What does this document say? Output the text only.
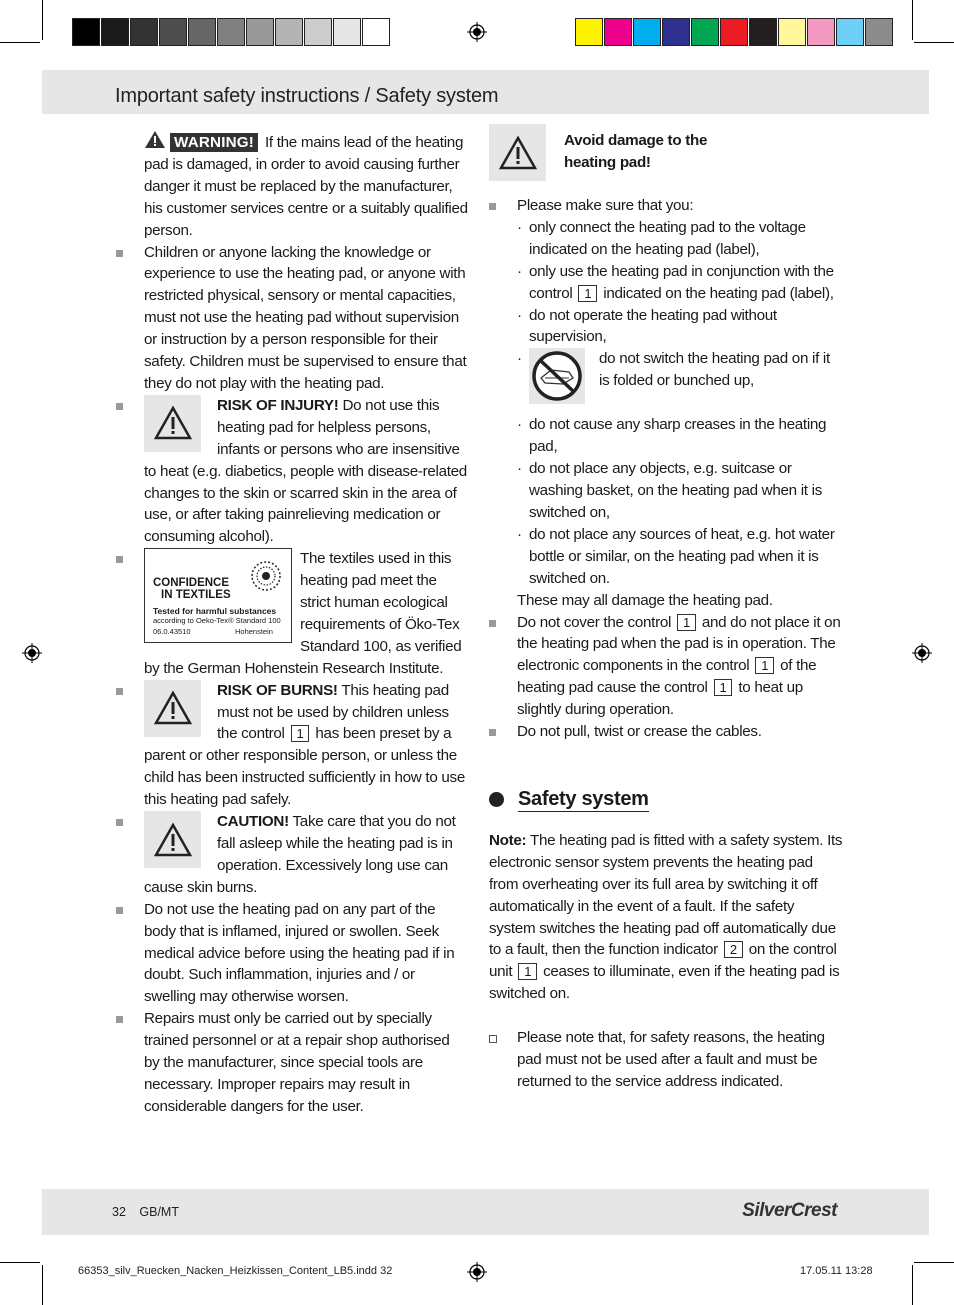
Important safety instructions / Safety system

WARNING! If the mains lead of the heating pad is damaged, in order to avoid causing further danger it must be replaced by the manufacturer, his customer services centre or a suitably qualified person.

Children or anyone lacking the knowledge or experience to use the heating pad, or anyone with restricted physical, sensory or mental capacities, must not use the heating pad without supervision or instruction by a person responsible for their safety. Children must be supervised to ensure that they do not play with the heating pad.

RISK OF INJURY! Do not use this heating pad for helpless persons, infants or persons who are insensitive to heat (e.g. diabetics, people with disease-related changes to the skin or scarred skin in the area of use, or after taking painrelieving medication or consuming alcohol).
CONFIDENCE
IN TEXTILES
Tested for harmful substances
according to Oeko-Tex® Standard 100
06.0.43510	Hohenstein
The textiles used in this heating pad meet the strict human ecological requirements of Öko-Tex Standard 100, as verified by the German Hohenstein Research Institute.
RISK OF BURNS! This heating pad must not be used by children unless the control 1 has been preset by a parent or other responsible person, or unless the child has been instructed sufficiently in how to use this heating pad safely.
CAUTION! Take care that you do not fall asleep while the heating pad is in operation. Excessively long use can cause skin burns.

Do not use the heating pad on any part of the body that is inflamed, injured or swollen. Seek medical advice before using the heating pad if in doubt. Such inflammation, injuries and / or swelling may otherwise worsen.

Repairs must only be carried out by specially trained personnel or at a repair shop authorised by the manufacturer, since special tools are necessary. Improper repairs may result in considerable dangers for the user.

Avoid damage to the heating pad!

Please make sure that you:

· only connect the heating pad to the voltage indicated on the heating pad (label),

· only use the heating pad in conjunction with the control 1 indicated on the heating pad (label),

· do not operate the heating pad without supervision,

· do not switch the heating pad on if it is folded or bunched up,

· do not cause any sharp creases in the heating pad,

· do not place any objects, e.g. suitcase or washing basket, on the heating pad when it is switched on,

· do not place any sources of heat, e.g. hot water bottle or similar, on the heating pad when it is switched on.

These may all damage the heating pad.

Do not cover the control 1 and do not place it on the heating pad when the pad is in operation. The electronic components in the control 1 of the heating pad cause the control 1 to heat up slightly during operation.

Do not pull, twist or crease the cables.

Safety system

Note: The heating pad is fitted with a safety system. Its electronic sensor system prevents the heating pad from overheating over its full area by switching it off automatically in the event of a fault. If the safety system switches the heating pad off automatically due to a fault, then the function indicator 2 on the control unit 1 ceases to illuminate, even if the heating pad is switched on.

Please note that, for safety reasons, the heating pad must not be used after a fault and must be returned to the service address indicated.

32 GB/MT	SilverCrest
66353_silv_Ruecken_Nacken_Heizkissen_Content_LB5.indd 32	17.05.11 13:28
